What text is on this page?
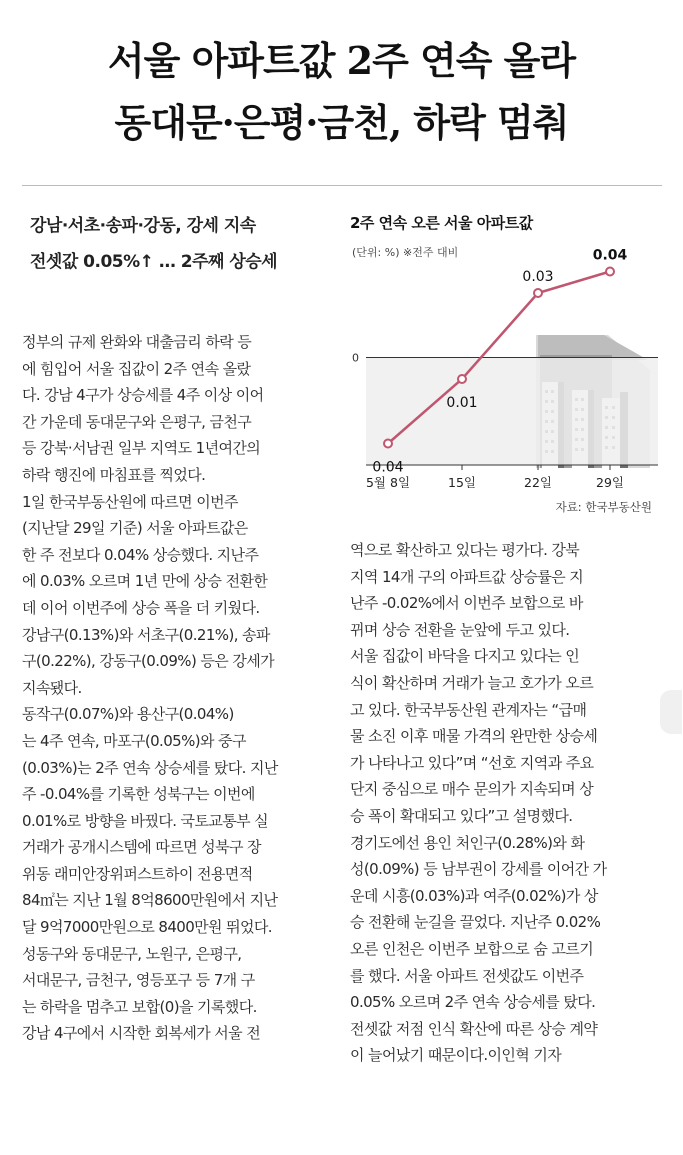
서울 아파트값 2주 연속 올라
동대문·은평·금천, 하락 멈춰
강남·서초·송파·강동, 강세 지속
전셋값 0.05%↑ … 2주째 상승세
정부의 규제 완화와 대출금리 하락 등
에 힘입어 서울 집값이 2주 연속 올랐
다. 강남 4구가 상승세를 4주 이상 이어
간 가운데 동대문구와 은평구, 금천구
등 강북·서남권 일부 지역도 1년여간의
하락 행진에 마침표를 찍었다.
1일 한국부동산원에 따르면 이번주
(지난달 29일 기준) 서울 아파트값은
한 주 전보다 0.04% 상승했다. 지난주
에 0.03% 오르며 1년 만에 상승 전환한
데 이어 이번주에 상승 폭을 더 키웠다.
강남구(0.13%)와 서초구(0.21%), 송파
구(0.22%), 강동구(0.09%) 등은 강세가
지속됐다.
동작구(0.07%)와 용산구(0.04%)
는 4주 연속, 마포구(0.05%)와 중구
(0.03%)는 2주 연속 상승세를 탔다. 지난
주 -0.04%를 기록한 성북구는 이번에
0.01%로 방향을 바꿨다. 국토교통부 실
거래가 공개시스템에 따르면 성북구 장
위동 래미안장위퍼스트하이 전용면적
84㎡는 지난 1월 8억8600만원에서 지난
달 9억7000만원으로 8400만원 뛰었다.
성동구와 동대문구, 노원구, 은평구,
서대문구, 금천구, 영등포구 등 7개 구
는 하락을 멈추고 보합(0)을 기록했다.
강남 4구에서 시작한 회복세가 서울 전
0
0.04
5월 8일
0.01
15일
0.03
22일
0.04
29일
2주 연속 오른 서울 아파트값
(단위: %) ※전주 대비
자료: 한국부동산원
역으로 확산하고 있다는 평가다. 강북
지역 14개 구의 아파트값 상승률은 지
난주 -0.02%에서 이번주 보합으로 바
뀌며 상승 전환을 눈앞에 두고 있다.
서울 집값이 바닥을 다지고 있다는 인
식이 확산하며 거래가 늘고 호가가 오르
고 있다. 한국부동산원 관계자는 “급매
물 소진 이후 매물 가격의 완만한 상승세
가 나타나고 있다”며 “선호 지역과 주요
단지 중심으로 매수 문의가 지속되며 상
승 폭이 확대되고 있다”고 설명했다.
경기도에선 용인 처인구(0.28%)와 화
성(0.09%) 등 남부권이 강세를 이어간 가
운데 시흥(0.03%)과 여주(0.02%)가 상
승 전환해 눈길을 끌었다. 지난주 0.02%
오른 인천은 이번주 보합으로 숨 고르기
를 했다. 서울 아파트 전셋값도 이번주
0.05% 오르며 2주 연속 상승세를 탔다.
전셋값 저점 인식 확산에 따른 상승 계약
이 늘어났기 때문이다.이인혁 기자
